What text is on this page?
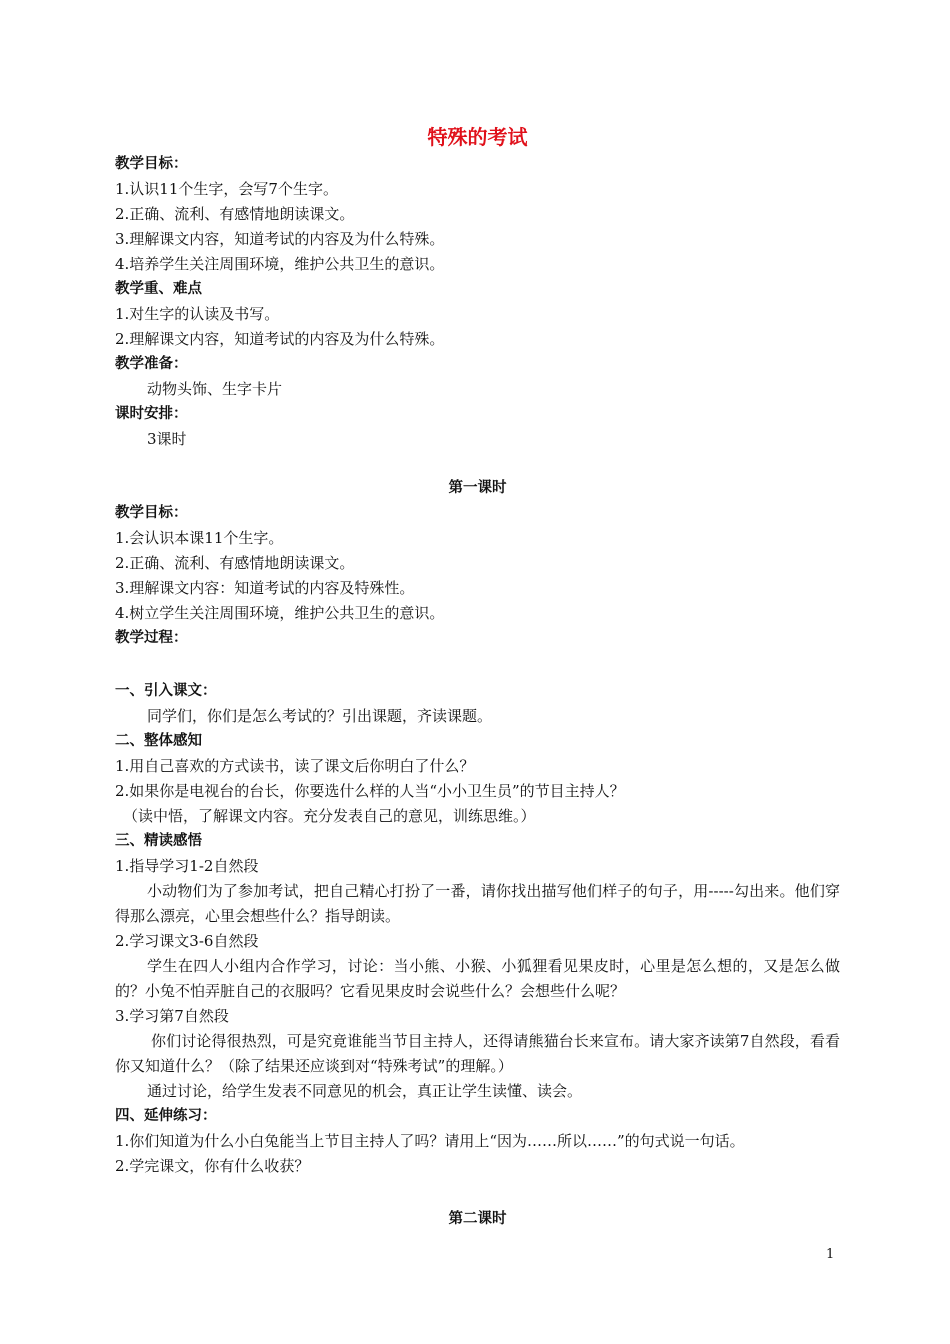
特殊的考试
教学目标：
1.认识11个生字，会写7个生字。
2.正确、流利、有感情地朗读课文。
3.理解课文内容，知道考试的内容及为什么特殊。
4.培养学生关注周围环境，维护公共卫生的意识。
教学重、难点
1.对生字的认读及书写。
2.理解课文内容，知道考试的内容及为什么特殊。
教学准备：
动物头饰、生字卡片
课时安排：
3课时
第一课时
教学目标：
1.会认识本课11个生字。
2.正确、流利、有感情地朗读课文。
3.理解课文内容：知道考试的内容及特殊性。
4.树立学生关注周围环境，维护公共卫生的意识。
教学过程：
一、引入课文：
同学们，你们是怎么考试的？引出课题，齐读课题。
二、整体感知
1.用自己喜欢的方式读书，读了课文后你明白了什么？
2.如果你是电视台的台长，你要选什么样的人当“小小卫生员”的节目主持人？
（读中悟，了解课文内容。充分发表自己的意见，训练思维。）
三、精读感悟
1.指导学习1-2自然段
小动物们为了参加考试，把自己精心打扮了一番，请你找出描写他们样子的句子，用-----勾出来。他们穿得那么漂亮，心里会想些什么？指导朗读。
2.学习课文3-6自然段
学生在四人小组内合作学习，讨论：当小熊、小猴、小狐狸看见果皮时，心里是怎么想的，又是怎么做的？小兔不怕弄脏自己的衣服吗？它看见果皮时会说些什么？会想些什么呢？
3.学习第7自然段
你们讨论得很热烈，可是究竟谁能当节目主持人，还得请熊猫台长来宣布。请大家齐读第7自然段，看看你又知道什么？（除了结果还应谈到对“特殊考试”的理解。）
通过讨论，给学生发表不同意见的机会，真正让学生读懂、读会。
四、延伸练习：
1.你们知道为什么小白兔能当上节目主持人了吗？请用上“因为……所以……”的句式说一句话。
2.学完课文，你有什么收获？
第二课时
1
